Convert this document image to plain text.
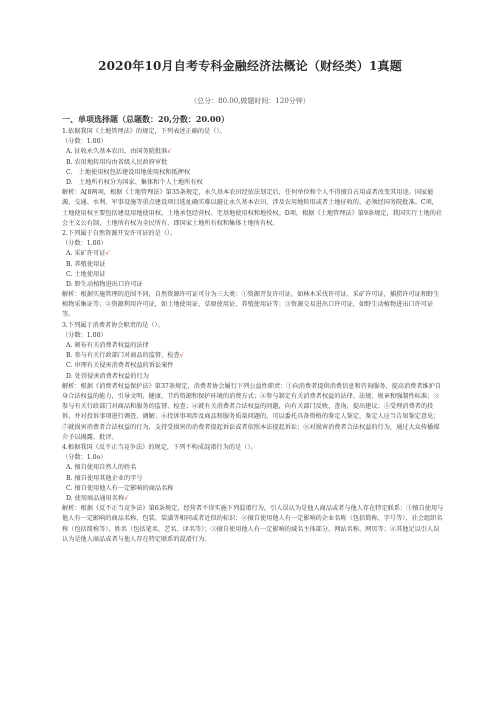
2020年10月自考专科金融经济法概论（财经类）1真题
（总分：80.00,做题时间：120分钟）
一、单项选择题（总题数：20,分数：20.00）
1.依据我国《土地管理法》的规定，下列表述正确的是（）。
（分数：1.00）
A. 征收永久基本农田，由国务院批准√
B. 农用地转用均由省级人民政府审批
C.　土地使用权包括建设用地使用权和抵押权
D.　土地所有权分为国家、集体和个人土地所有权
解析：A[8两项，根据《土地管理法》第35条规定，永久基本农田经依法划定后，任何单位和个人不得擅自占用或者改变其用途。国家能源、交通、水利、军事设施等重点建设项目选址确实难以避让永久基本农田，涉及农用地转用或者土地征收的，必须经国务院批准。C项，土地使用权主要包括建设用地使用权、土地承包经营权、宅基地使用权和地役权。D项，根据《土地管理法》第9条规定，我国实行土地的社会主义公有制，土地所有权为全民所有，即国家土地所有权和集体土地所有权。
2.下列属于自然资源开发许可证的是（）。
（分数：1.00）
A. 采矿许可证√
B. 养殖使用证
C. 土地使用证
D. 野生动植物进出口许可证
解析：根据实施管理的范围不同，自然资源许可证可分为三大类：①资源开发许可证，如林木采伐许可证、采矿许可证，捕捞许可证和野生植物采集证等；②资源利用许可证，如土地使用证、草原使用证、养殖使用证等；③资源交易进出口许可证，如野生动植物进出口许可证等。
3.下列属于消费者协会职责的是（）。
（分数：1.00）
A. 颁布有关消费者权益的法律
B. 参与有关行政部门对商品的监督、检查√
C. 审理有关侵害消费者权益的诉讼案件
D. 处罚侵害消费者权益的行为
解析：根据《消费者权益保护法》第37条规定，消费者协会履行下列公益性职责：①向消费者提供消费信息和咨询服务，提高消费者维护自身合法权益的能力，引导文明、健康、节约资源和保护环境的消费方式；②参与制定有关消费者权益的法律、法规、规章和强制性标准；③参与有关行政部门对商品和服务的监督、检查；④就有关消费者合法权益的问题，向有关部门反映、查询，提出建议；⑤受理消费者的投诉，并对投诉事项进行调查、调解；⑥投诉事项涉及商品和服务质量问题的，可以委托具备资格的鉴定人鉴定，鉴定人应当告知鉴定意见；⑦就损害消费者合法权益的行为，支持受损害的消费者提起诉讼或者依照本法提起诉讼；⑧对损害消费者合法权益的行为，通过大众传播媒介予以揭露、批评。
4.根据我国《反不正当竞争法》的规定，下列不构成混淆行为的是（）。
（分数：1.0o）
A. 擅自使用自然人的姓名
B. 擅自使用其他企业的字号
C. 擅自使用他人有一定影响的商品名称
D. 使用商品通用名称√
解析：根据《反不正当竞争法》第6条规定，经营者不得实施下列混淆行为，引人误认为是他人商品或者与他人存在特定联系：①擅自使用与他人有一定影响的商品名称、包装、装潢等相同或者近似的标识；②擅自使用他人有一定影响的企业名称（包括简称、字号等）、社会组织名称（包括简称等）、姓名（包括笔名、艺名、译名等）；③擅自使用他人有一定影响的域名主体部分、网站名称、网页等；④其他足以引人误认为是他人商品或者与他人存在特定联系的混淆行为。
